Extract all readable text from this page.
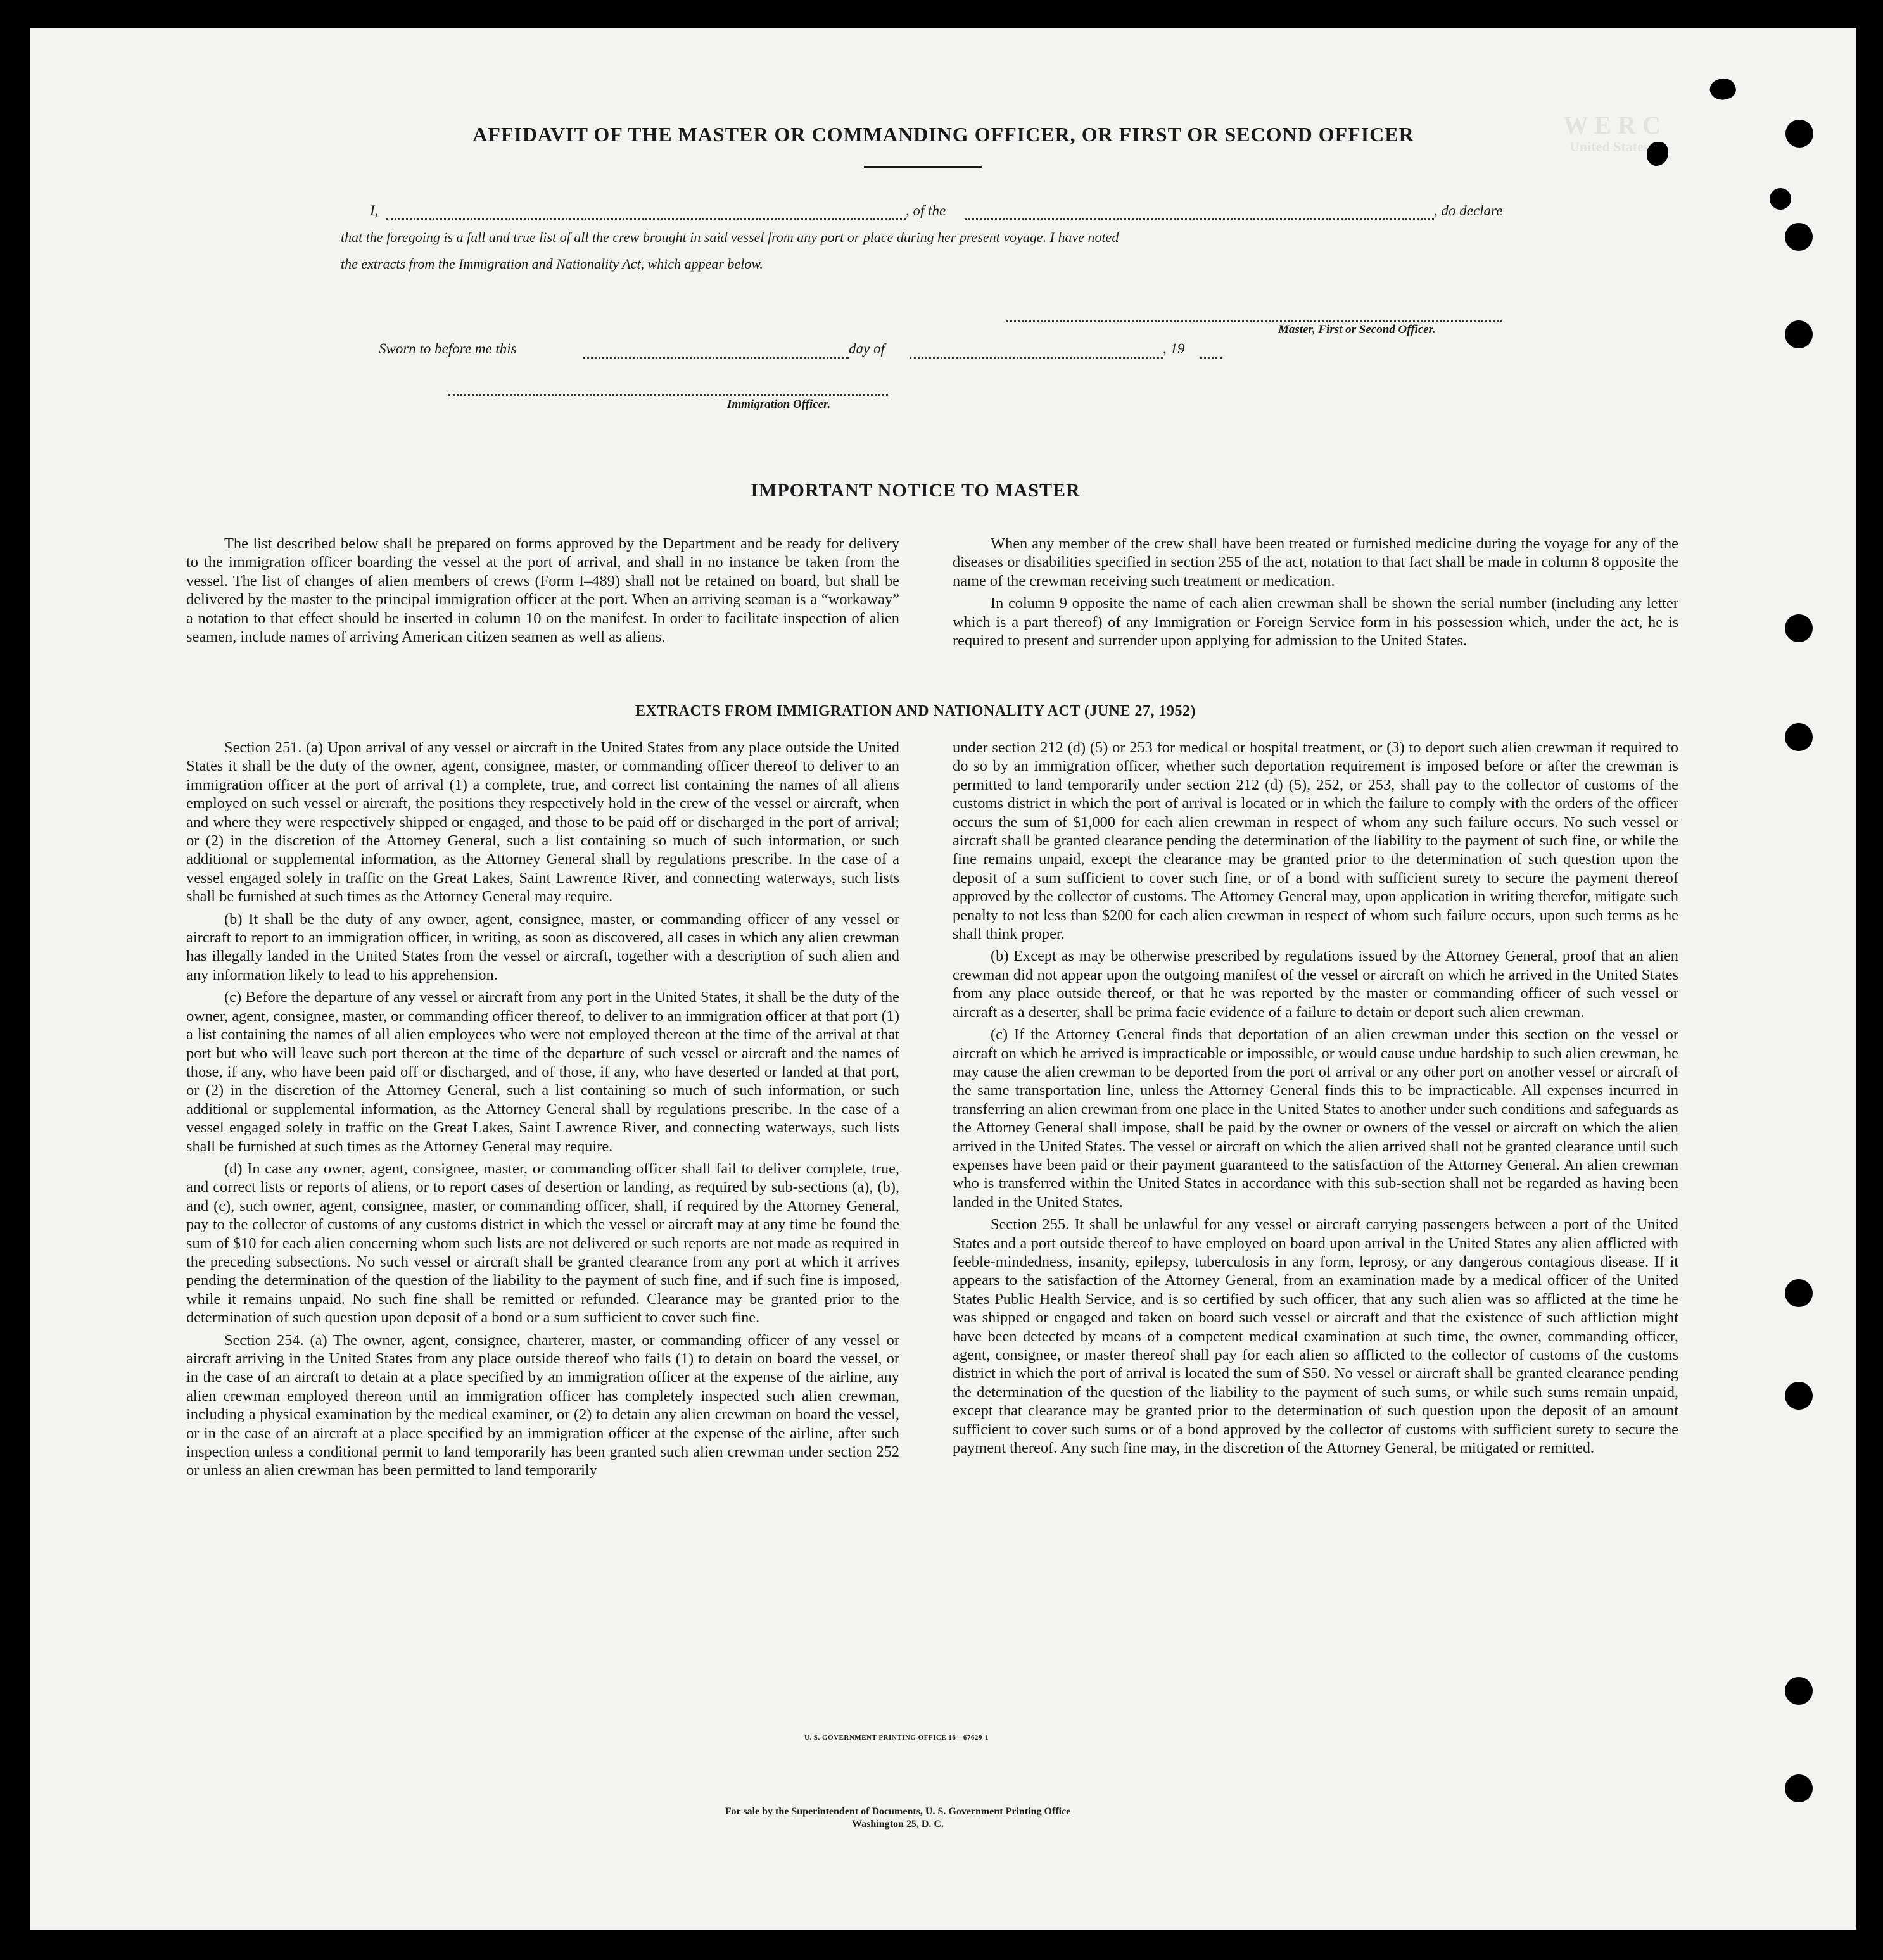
W E R C
United States
AFFIDAVIT OF THE MASTER OR COMMANDING OFFICER, OR FIRST OR SECOND OFFICER
I,	, of the	, do declare
that the foregoing is a full and true list of all the crew brought in said vessel from any port or place during her present voyage. I have noted
the extracts from the Immigration and Nationality Act, which appear below.
Master, First or Second Officer.
Sworn to before me this	day of	, 19
Immigration Officer.
IMPORTANT NOTICE TO MASTER

The list described below shall be prepared on forms approved by the Department and be ready for delivery to the immigration officer boarding the vessel at the port of arrival, and shall in no instance be taken from the vessel. The list of changes of alien members of crews (Form I–489) shall not be retained on board, but shall be delivered by the master to the principal immigration officer at the port. When an arriving seaman is a “workaway” a notation to that effect should be inserted in column 10 on the manifest. In order to facilitate inspection of alien seamen, include names of arriving American citizen seamen as well as aliens.

When any member of the crew shall have been treated or furnished medicine during the voyage for any of the diseases or disabilities specified in section 255 of the act, notation to that fact shall be made in column 8 opposite the name of the crewman receiving such treatment or medication.

In column 9 opposite the name of each alien crewman shall be shown the serial number (including any letter which is a part thereof) of any Immigration or Foreign Service form in his possession which, under the act, he is required to present and surrender upon applying for admission to the United States.

EXTRACTS FROM IMMIGRATION AND NATIONALITY ACT (JUNE 27, 1952)

Section 251. (a) Upon arrival of any vessel or aircraft in the United States from any place outside the United States it shall be the duty of the owner, agent, consignee, master, or commanding officer thereof to deliver to an immigration officer at the port of arrival (1) a complete, true, and correct list containing the names of all aliens employed on such vessel or aircraft, the positions they respectively hold in the crew of the vessel or aircraft, when and where they were respectively shipped or engaged, and those to be paid off or discharged in the port of arrival; or (2) in the discretion of the Attorney General, such a list containing so much of such information, or such additional or supplemental information, as the Attorney General shall by regulations prescribe. In the case of a vessel engaged solely in traffic on the Great Lakes, Saint Lawrence River, and connecting waterways, such lists shall be furnished at such times as the Attorney General may require.

(b) It shall be the duty of any owner, agent, consignee, master, or commanding officer of any vessel or aircraft to report to an immigration officer, in writing, as soon as discovered, all cases in which any alien crewman has illegally landed in the United States from the vessel or aircraft, together with a description of such alien and any information likely to lead to his apprehension.

(c) Before the departure of any vessel or aircraft from any port in the United States, it shall be the duty of the owner, agent, consignee, master, or commanding officer thereof, to deliver to an immigration officer at that port (1) a list containing the names of all alien employees who were not employed thereon at the time of the arrival at that port but who will leave such port thereon at the time of the departure of such vessel or aircraft and the names of those, if any, who have been paid off or discharged, and of those, if any, who have deserted or landed at that port, or (2) in the discretion of the Attorney General, such a list containing so much of such information, or such additional or supplemental information, as the Attorney General shall by regulations prescribe. In the case of a vessel engaged solely in traffic on the Great Lakes, Saint Lawrence River, and connecting waterways, such lists shall be furnished at such times as the Attorney General may require.

(d) In case any owner, agent, consignee, master, or commanding officer shall fail to deliver complete, true, and correct lists or reports of aliens, or to report cases of desertion or landing, as required by sub-sections (a), (b), and (c), such owner, agent, consignee, master, or commanding officer, shall, if required by the Attorney General, pay to the collector of customs of any customs district in which the vessel or aircraft may at any time be found the sum of $10 for each alien concerning whom such lists are not delivered or such reports are not made as required in the preceding subsections. No such vessel or aircraft shall be granted clearance from any port at which it arrives pending the determination of the question of the liability to the payment of such fine, and if such fine is imposed, while it remains unpaid. No such fine shall be remitted or refunded. Clearance may be granted prior to the determination of such question upon deposit of a bond or a sum sufficient to cover such fine.

Section 254. (a) The owner, agent, consignee, charterer, master, or commanding officer of any vessel or aircraft arriving in the United States from any place outside thereof who fails (1) to detain on board the vessel, or in the case of an aircraft to detain at a place specified by an immigration officer at the expense of the airline, any alien crewman employed thereon until an immigration officer has completely inspected such alien crewman, including a physical examination by the medical examiner, or (2) to detain any alien crewman on board the vessel, or in the case of an aircraft at a place specified by an immigration officer at the expense of the airline, after such inspection unless a conditional permit to land temporarily has been granted such alien crewman under section 252 or unless an alien crewman has been permitted to land temporarily

under section 212 (d) (5) or 253 for medical or hospital treatment, or (3) to deport such alien crewman if required to do so by an immigration officer, whether such deportation requirement is imposed before or after the crewman is permitted to land temporarily under section 212 (d) (5), 252, or 253, shall pay to the collector of customs of the customs district in which the port of arrival is located or in which the failure to comply with the orders of the officer occurs the sum of $1,000 for each alien crewman in respect of whom any such failure occurs. No such vessel or aircraft shall be granted clearance pending the determination of the liability to the payment of such fine, or while the fine remains unpaid, except the clearance may be granted prior to the determination of such question upon the deposit of a sum sufficient to cover such fine, or of a bond with sufficient surety to secure the payment thereof approved by the collector of customs. The Attorney General may, upon application in writing therefor, mitigate such penalty to not less than $200 for each alien crewman in respect of whom such failure occurs, upon such terms as he shall think proper.

(b) Except as may be otherwise prescribed by regulations issued by the Attorney General, proof that an alien crewman did not appear upon the outgoing manifest of the vessel or aircraft on which he arrived in the United States from any place outside thereof, or that he was reported by the master or commanding officer of such vessel or aircraft as a deserter, shall be prima facie evidence of a failure to detain or deport such alien crewman.

(c) If the Attorney General finds that deportation of an alien crewman under this section on the vessel or aircraft on which he arrived is impracticable or impossible, or would cause undue hardship to such alien crewman, he may cause the alien crewman to be deported from the port of arrival or any other port on another vessel or aircraft of the same transportation line, unless the Attorney General finds this to be impracticable. All expenses incurred in transferring an alien crewman from one place in the United States to another under such conditions and safeguards as the Attorney General shall impose, shall be paid by the owner or owners of the vessel or aircraft on which the alien arrived in the United States. The vessel or aircraft on which the alien arrived shall not be granted clearance until such expenses have been paid or their payment guaranteed to the satisfaction of the Attorney General. An alien crewman who is transferred within the United States in accordance with this sub-section shall not be regarded as having been landed in the United States.

Section 255. It shall be unlawful for any vessel or aircraft carrying passengers between a port of the United States and a port outside thereof to have employed on board upon arrival in the United States any alien afflicted with feeble-mindedness, insanity, epilepsy, tuberculosis in any form, leprosy, or any dangerous contagious disease. If it appears to the satisfaction of the Attorney General, from an examination made by a medical officer of the United States Public Health Service, and is so certified by such officer, that any such alien was so afflicted at the time he was shipped or engaged and taken on board such vessel or aircraft and that the existence of such affliction might have been detected by means of a competent medical examination at such time, the owner, commanding officer, agent, consignee, or master thereof shall pay for each alien so afflicted to the collector of customs of the customs district in which the port of arrival is located the sum of $50. No vessel or aircraft shall be granted clearance pending the determination of the question of the liability to the payment of such sums, or while such sums remain unpaid, except that clearance may be granted prior to the determination of such question upon the deposit of an amount sufficient to cover such sums or of a bond approved by the collector of customs with sufficient surety to secure the payment thereof. Any such fine may, in the discretion of the Attorney General, be mitigated or remitted.

U. S. GOVERNMENT PRINTING OFFICE 16—67629-1
For sale by the Superintendent of Documents, U. S. Government Printing Office
Washington 25, D. C.
